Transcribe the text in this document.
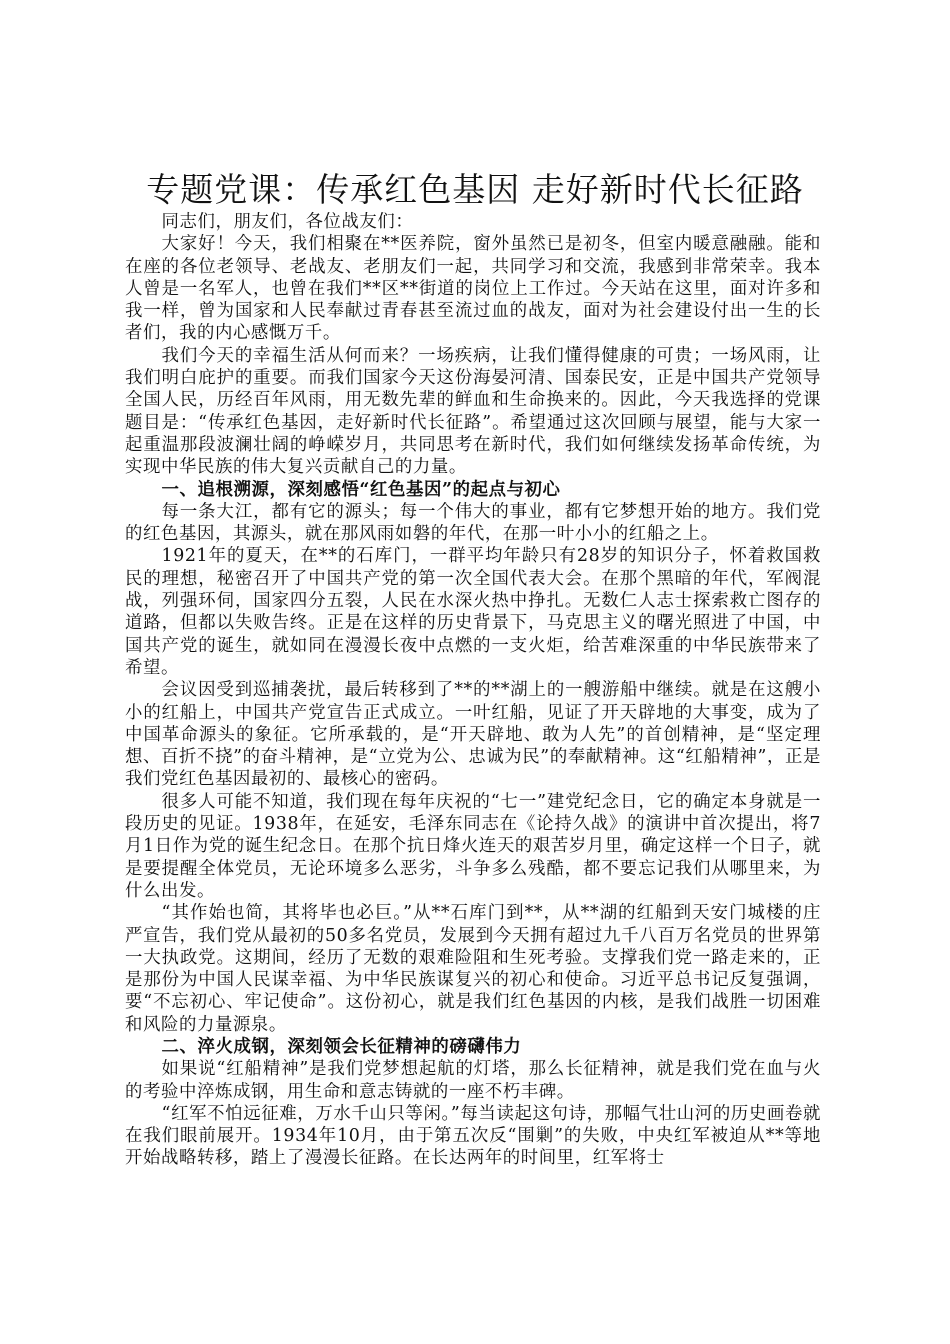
专题党课：传承红色基因 走好新时代长征路

同志们，朋友们，各位战友们：

大家好！今天，我们相聚在**医养院，窗外虽然已是初冬，但室内暖意融融。能和在座的各位老领导、老战友、老朋友们一起，共同学习和交流，我感到非常荣幸。我本人曾是一名军人，也曾在我们**区**街道的岗位上工作过。今天站在这里，面对许多和我一样，曾为国家和人民奉献过青春甚至流过血的战友，面对为社会建设付出一生的长者们，我的内心感慨万千。

我们今天的幸福生活从何而来？一场疾病，让我们懂得健康的可贵；一场风雨，让我们明白庇护的重要。而我们国家今天这份海晏河清、国泰民安，正是中国共产党领导全国人民，历经百年风雨，用无数先辈的鲜血和生命换来的。因此，今天我选择的党课题目是：“传承红色基因，走好新时代长征路”。希望通过这次回顾与展望，能与大家一起重温那段波澜壮阔的峥嵘岁月，共同思考在新时代，我们如何继续发扬革命传统，为实现中华民族的伟大复兴贡献自己的力量。

一、追根溯源，深刻感悟“红色基因”的起点与初心

每一条大江，都有它的源头；每一个伟大的事业，都有它梦想开始的地方。我们党的红色基因，其源头，就在那风雨如磐的年代，在那一叶小小的红船之上。

1921年的夏天，在**的石库门，一群平均年龄只有28岁的知识分子，怀着救国救民的理想，秘密召开了中国共产党的第一次全国代表大会。在那个黑暗的年代，军阀混战，列强环伺，国家四分五裂，人民在水深火热中挣扎。无数仁人志士探索救亡图存的道路，但都以失败告终。正是在这样的历史背景下，马克思主义的曙光照进了中国，中国共产党的诞生，就如同在漫漫长夜中点燃的一支火炬，给苦难深重的中华民族带来了希望。

会议因受到巡捕袭扰，最后转移到了**的**湖上的一艘游船中继续。就是在这艘小小的红船上，中国共产党宣告正式成立。一叶红船，见证了开天辟地的大事变，成为了中国革命源头的象征。它所承载的，是“开天辟地、敢为人先”的首创精神，是“坚定理想、百折不挠”的奋斗精神，是“立党为公、忠诚为民”的奉献精神。这“红船精神”，正是我们党红色基因最初的、最核心的密码。

很多人可能不知道，我们现在每年庆祝的“七一”建党纪念日，它的确定本身就是一段历史的见证。1938年，在延安，毛泽东同志在《论持久战》的演讲中首次提出，将7月1日作为党的诞生纪念日。在那个抗日烽火连天的艰苦岁月里，确定这样一个日子，就是要提醒全体党员，无论环境多么恶劣，斗争多么残酷，都不要忘记我们从哪里来，为什么出发。

“其作始也简，其将毕也必巨。”从**石库门到**，从**湖的红船到天安门城楼的庄严宣告，我们党从最初的50多名党员，发展到今天拥有超过九千八百万名党员的世界第一大执政党。这期间，经历了无数的艰难险阻和生死考验。支撑我们党一路走来的，正是那份为中国人民谋幸福、为中华民族谋复兴的初心和使命。习近平总书记反复强调，要“不忘初心、牢记使命”。这份初心，就是我们红色基因的内核，是我们战胜一切困难和风险的力量源泉。

二、淬火成钢，深刻领会长征精神的磅礴伟力

如果说“红船精神”是我们党梦想起航的灯塔，那么长征精神，就是我们党在血与火的考验中淬炼成钢，用生命和意志铸就的一座不朽丰碑。

“红军不怕远征难，万水千山只等闲。”每当读起这句诗，那幅气壮山河的历史画卷就在我们眼前展开。1934年10月，由于第五次反“围剿”的失败，中央红军被迫从**等地开始战略转移，踏上了漫漫长征路。在长达两年的时间里，红军将士
